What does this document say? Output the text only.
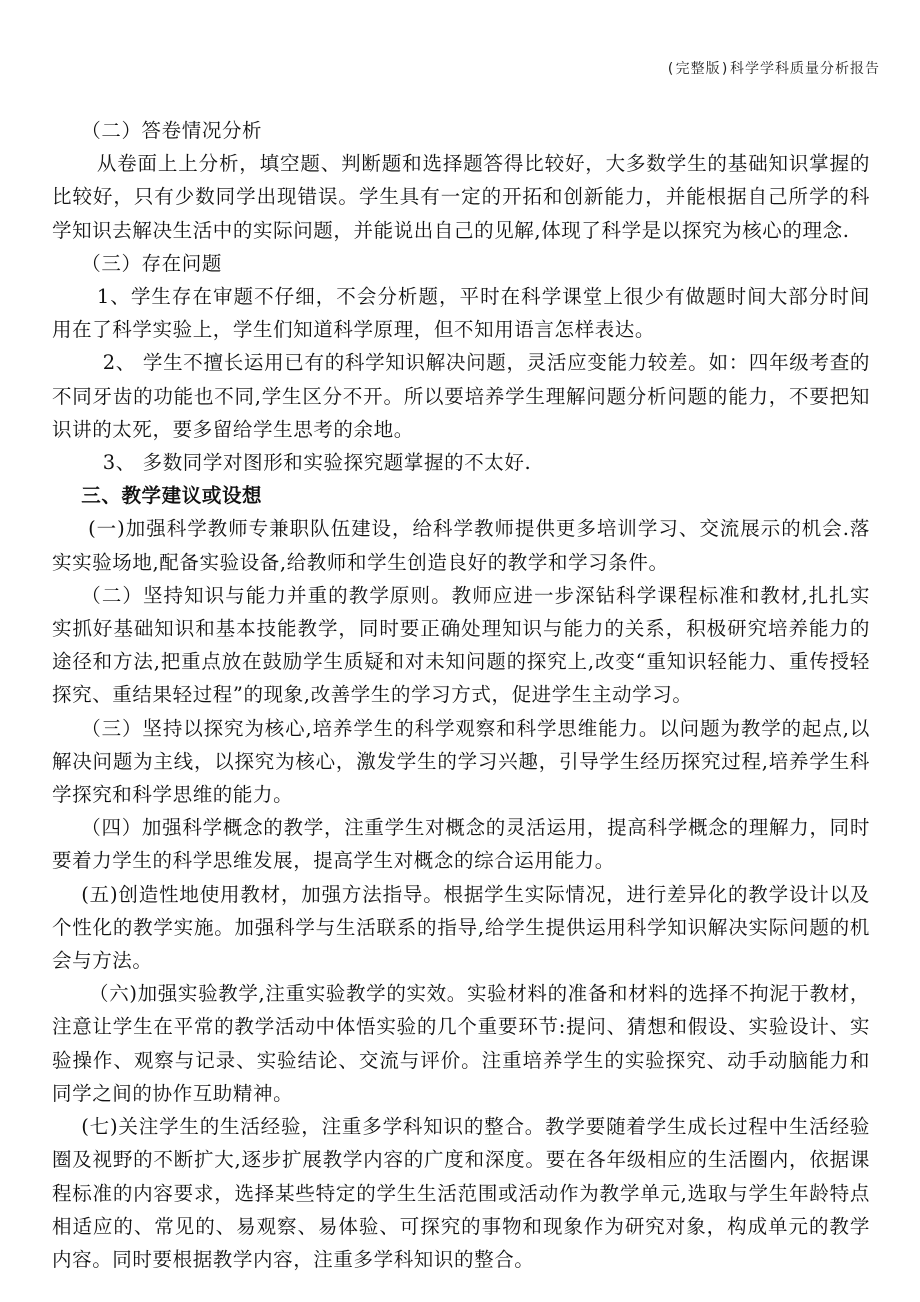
(完整版)科学学科质量分析报告

（二）答卷情况分析

从卷面上上分析，填空题、判断题和选择题答得比较好，大多数学生的基础知识掌握的比较好，只有少数同学出现错误。学生具有一定的开拓和创新能力，并能根据自己所学的科学知识去解决生活中的实际问题，并能说出自己的见解,体现了科学是以探究为核心的理念.

（三）存在问题

1、学生存在审题不仔细，不会分析题，平时在科学课堂上很少有做题时间大部分时间用在了科学实验上，学生们知道科学原理，但不知用语言怎样表达。

2、 学生不擅长运用已有的科学知识解决问题，灵活应变能力较差。如：四年级考查的不同牙齿的功能也不同,学生区分不开。所以要培养学生理解问题分析问题的能力，不要把知识讲的太死，要多留给学生思考的余地。

3、 多数同学对图形和实验探究题掌握的不太好.

三、教学建议或设想

(一)加强科学教师专兼职队伍建设，给科学教师提供更多培训学习、交流展示的机会.落实实验场地,配备实验设备,给教师和学生创造良好的教学和学习条件。

（二）坚持知识与能力并重的教学原则。教师应进一步深钻科学课程标准和教材,扎扎实实抓好基础知识和基本技能教学，同时要正确处理知识与能力的关系，积极研究培养能力的途径和方法,把重点放在鼓励学生质疑和对未知问题的探究上,改变“重知识轻能力、重传授轻探究、重结果轻过程”的现象,改善学生的学习方式，促进学生主动学习。

（三）坚持以探究为核心,培养学生的科学观察和科学思维能力。以问题为教学的起点,以解决问题为主线，以探究为核心，激发学生的学习兴趣，引导学生经历探究过程,培养学生科学探究和科学思维的能力。

（四）加强科学概念的教学，注重学生对概念的灵活运用，提高科学概念的理解力，同时要着力学生的科学思维发展，提高学生对概念的综合运用能力。

(五)创造性地使用教材，加强方法指导。根据学生实际情况，进行差异化的教学设计以及个性化的教学实施。加强科学与生活联系的指导,给学生提供运用科学知识解决实际问题的机会与方法。

（六)加强实验教学,注重实验教学的实效。实验材料的准备和材料的选择不拘泥于教材，注意让学生在平常的教学活动中体悟实验的几个重要环节:提问、猜想和假设、实验设计、实验操作、观察与记录、实验结论、交流与评价。注重培养学生的实验探究、动手动脑能力和同学之间的协作互助精神。

(七)关注学生的生活经验，注重多学科知识的整合。教学要随着学生成长过程中生活经验圈及视野的不断扩大,逐步扩展教学内容的广度和深度。要在各年级相应的生活圈内，依据课程标准的内容要求，选择某些特定的学生生活范围或活动作为教学单元,选取与学生年龄特点相适应的、常见的、易观察、易体验、可探究的事物和现象作为研究对象，构成单元的教学内容。同时要根据教学内容，注重多学科知识的整合。
